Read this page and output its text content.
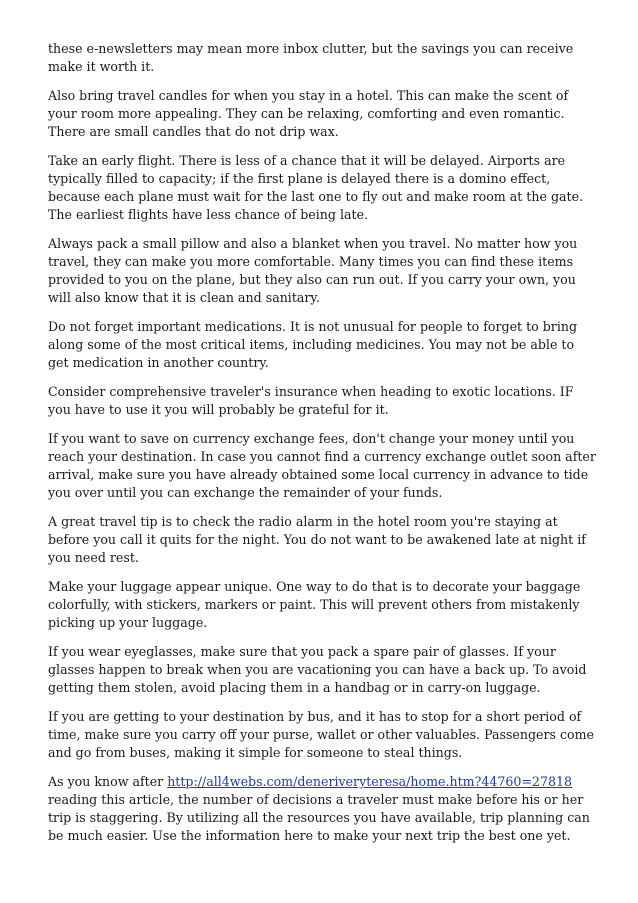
these e-newsletters may mean more inbox clutter, but the savings you can receive make it worth it.

Also bring travel candles for when you stay in a hotel. This can make the scent of your room more appealing. They can be relaxing, comforting and even romantic. There are small candles that do not drip wax.

Take an early flight. There is less of a chance that it will be delayed. Airports are typically filled to capacity; if the first plane is delayed there is a domino effect, because each plane must wait for the last one to fly out and make room at the gate. The earliest flights have less chance of being late.

Always pack a small pillow and also a blanket when you travel. No matter how you travel, they can make you more comfortable. Many times you can find these items provided to you on the plane, but they also can run out. If you carry your own, you will also know that it is clean and sanitary.

Do not forget important medications. It is not unusual for people to forget to bring along some of the most critical items, including medicines. You may not be able to get medication in another country.

Consider comprehensive traveler's insurance when heading to exotic locations. IF you have to use it you will probably be grateful for it.

If you want to save on currency exchange fees, don't change your money until you reach your destination. In case you cannot find a currency exchange outlet soon after arrival, make sure you have already obtained some local currency in advance to tide you over until you can exchange the remainder of your funds.

A great travel tip is to check the radio alarm in the hotel room you're staying at before you call it quits for the night. You do not want to be awakened late at night if you need rest.

Make your luggage appear unique. One way to do that is to decorate your baggage colorfully, with stickers, markers or paint. This will prevent others from mistakenly picking up your luggage.

If you wear eyeglasses, make sure that you pack a spare pair of glasses. If your glasses happen to break when you are vacationing you can have a back up. To avoid getting them stolen, avoid placing them in a handbag or in carry-on luggage.

If you are getting to your destination by bus, and it has to stop for a short period of time, make sure you carry off your purse, wallet or other valuables. Passengers come and go from buses, making it simple for someone to steal things.

As you know after http://all4webs.com/deneriveryteresa/home.htm?44760=27818 reading this article, the number of decisions a traveler must make before his or her trip is staggering. By utilizing all the resources you have available, trip planning can be much easier. Use the information here to make your next trip the best one yet.
